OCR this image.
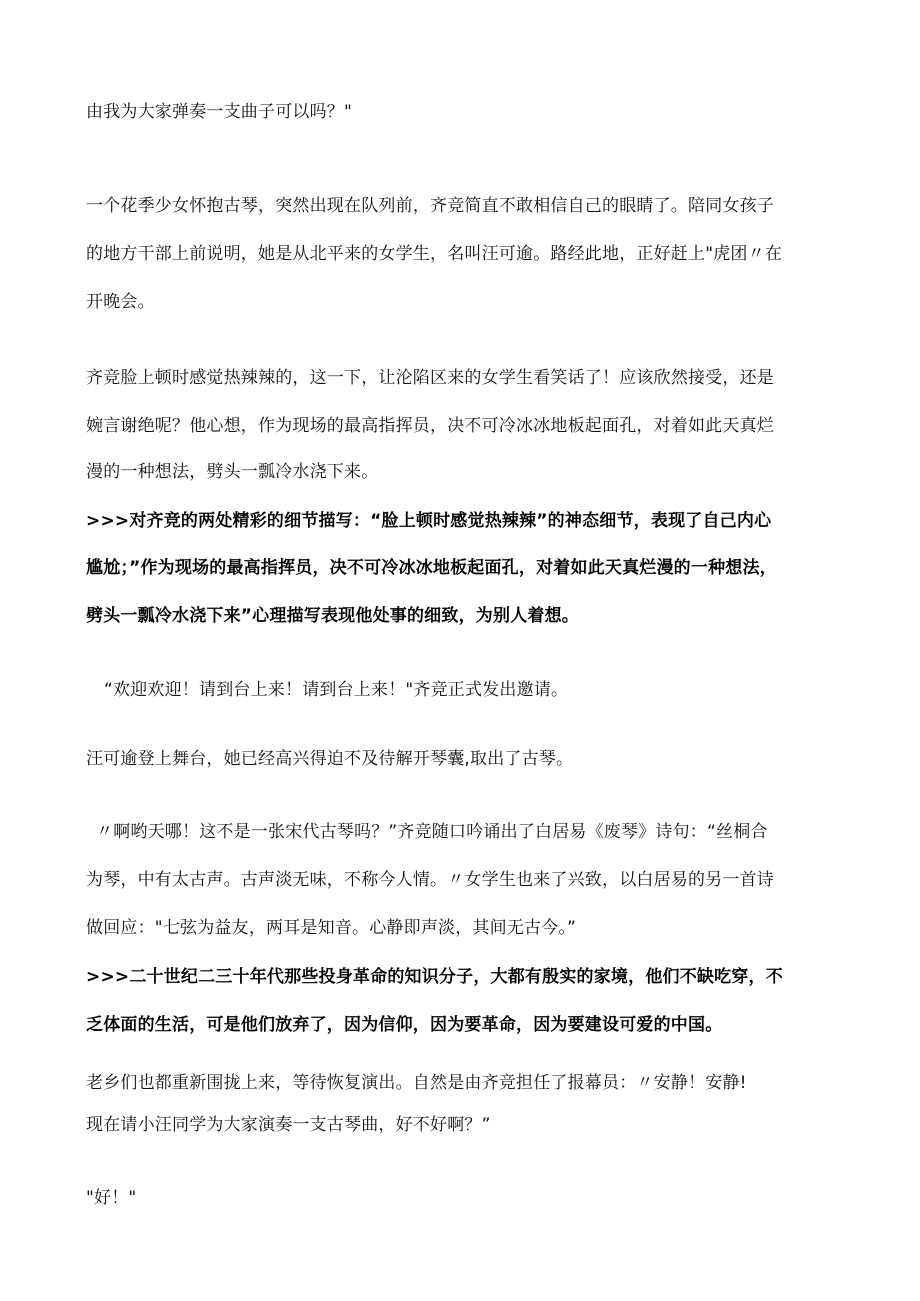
由我为大家弹奏一支曲子可以吗？"
一个花季少女怀抱古琴，突然出现在队列前，齐竞简直不敢相信自己的眼睛了。陪同女孩子
的地方干部上前说明，她是从北平来的女学生，名叫汪可逾。路经此地，正好赶上"虎团〃在
开晚会。
齐竞脸上顿时感觉热辣辣的，这一下，让沦陷区来的女学生看笑话了！应该欣然接受，还是
婉言谢绝呢？他心想，作为现场的最高指挥员，决不可冷冰冰地板起面孔，对着如此天真烂
漫的一种想法，劈头一瓢冷水浇下来。
>>>对齐竞的两处精彩的细节描写：“脸上顿时感觉热辣辣”的神态细节，表现了自己内心
尴尬；”作为现场的最高指挥员，决不可冷冰冰地板起面孔，对着如此天真烂漫的一种想法，
劈头一瓢冷水浇下来”心理描写表现他处事的细致，为别人着想。
“欢迎欢迎！请到台上来！请到台上来！"齐竞正式发出邀请。
汪可逾登上舞台，她已经高兴得迫不及待解开琴囊,取出了古琴。
〃啊哟天哪！这不是一张宋代古琴吗？”齐竞随口吟诵出了白居易《废琴》诗句：“丝桐合
为琴，中有太古声。古声淡无味，不称今人情。〃女学生也来了兴致，以白居易的另一首诗
做回应："七弦为益友，两耳是知音。心静即声淡，其间无古今。”
>>>二十世纪二三十年代那些投身革命的知识分子，大都有殷实的家境，他们不缺吃穿，不
乏体面的生活，可是他们放弃了，因为信仰，因为要革命，因为要建设可爱的中国。
老乡们也都重新围拢上来，等待恢复演出。自然是由齐竞担任了报幕员：〃安静！安静!
现在请小汪同学为大家演奏一支古琴曲，好不好啊？”
"好！"
